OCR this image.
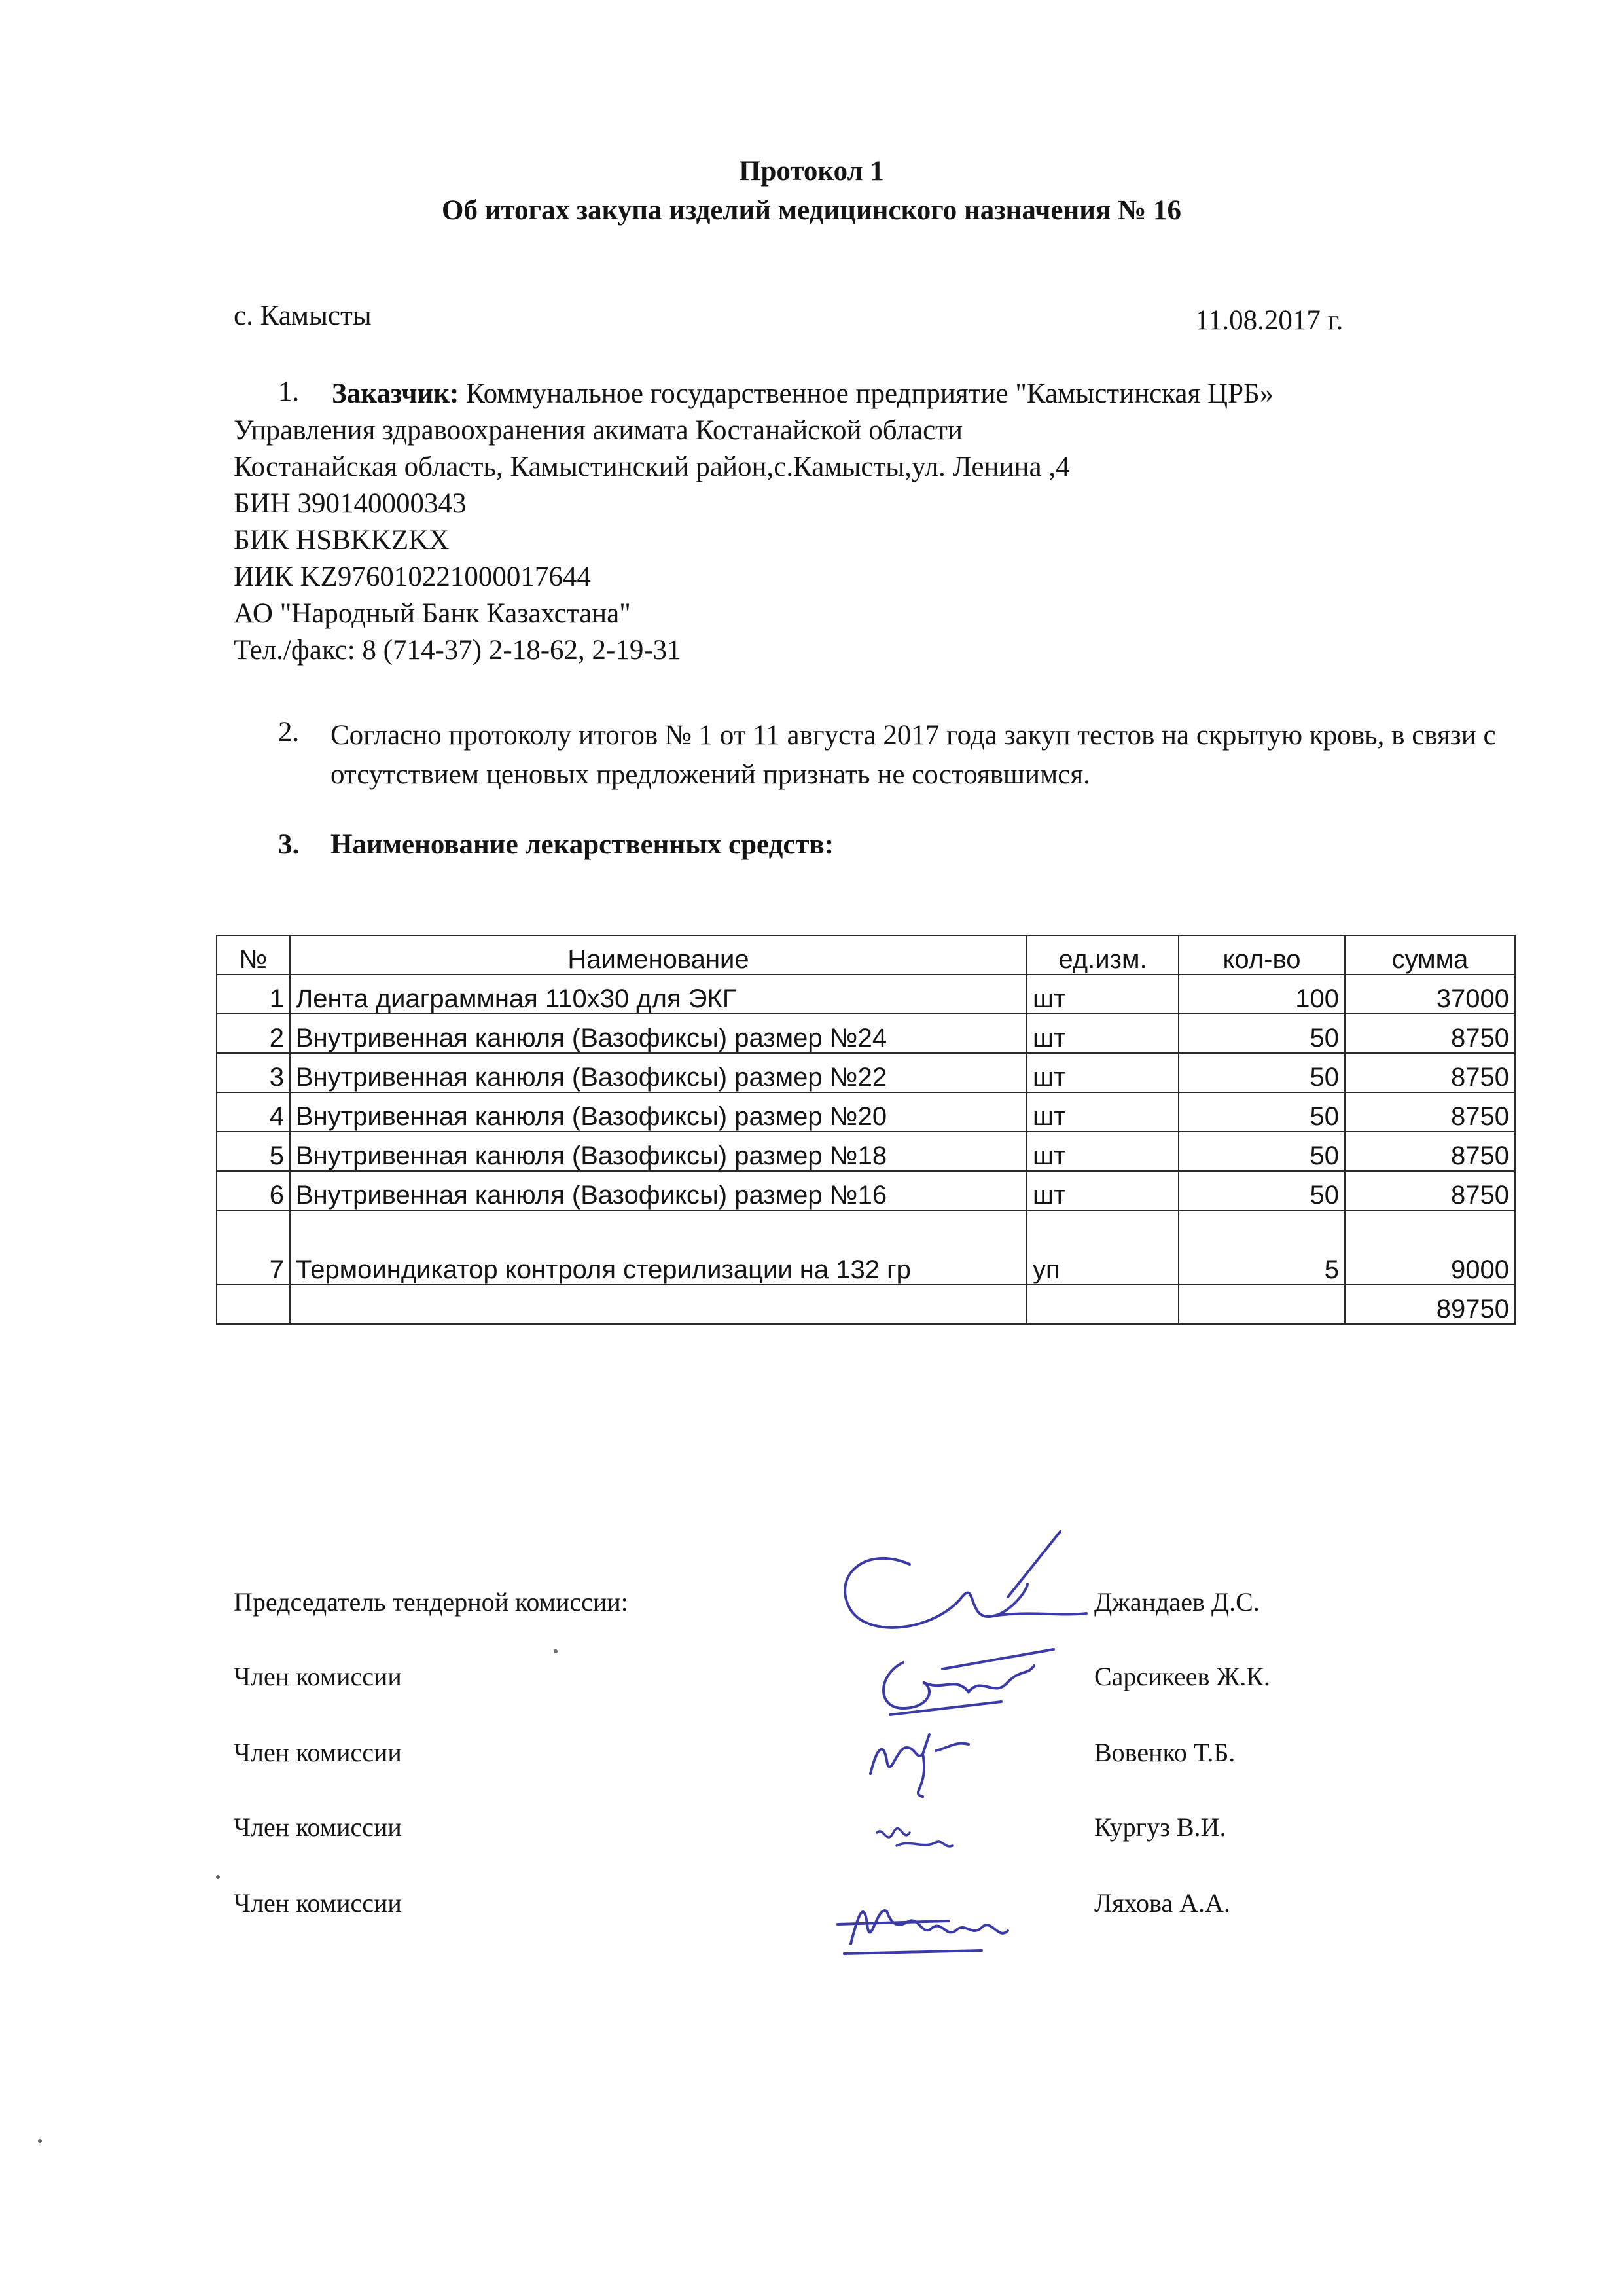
Протокол 1
Об итогах закупа изделий медицинского назначения № 16
с. Камысты	11.08.2017 г.
1.	Заказчик: Коммунальное государственное предприятие "Камыстинская ЦРБ»
Управления здравоохранения акимата Костанайской области
Костанайская область, Камыстинский район,с.Камысты,ул. Ленина ,4
БИН 390140000343
БИК HSBKKZKX
ИИК KZ976010221000017644
АО "Народный Банк Казахстана"
Тел./факс: 8 (714-37) 2-18-62, 2-19-31
2. Согласно протоколу итогов № 1 от 11 августа 2017 года закуп тестов на скрытую кровь, в связи с отсутствием ценовых предложений признать не состоявшимся.
3. Наименование лекарственных средств:
№	Наименование	ед.изм.	кол-во	сумма
1	Лента диаграммная 110х30 для ЭКГ	шт	100	37000
2	Внутривенная канюля (Вазофиксы) размер №24	шт	50	8750
3	Внутривенная канюля (Вазофиксы) размер №22	шт	50	8750
4	Внутривенная канюля (Вазофиксы) размер №20	шт	50	8750
5	Внутривенная канюля (Вазофиксы) размер №18	шт	50	8750
6	Внутривенная канюля (Вазофиксы) размер №16	шт	50	8750
7	Термоиндикатор контроля стерилизации на 132 гр	уп	5	9000
				89750
Председатель тендерной комиссии:	Джандаев Д.С.
Член комиссии	Сарсикеев Ж.К.
Член комиссии	Вовенко Т.Б.
Член комиссии	Кургуз В.И.
Член комиссии	Ляхова А.А.
